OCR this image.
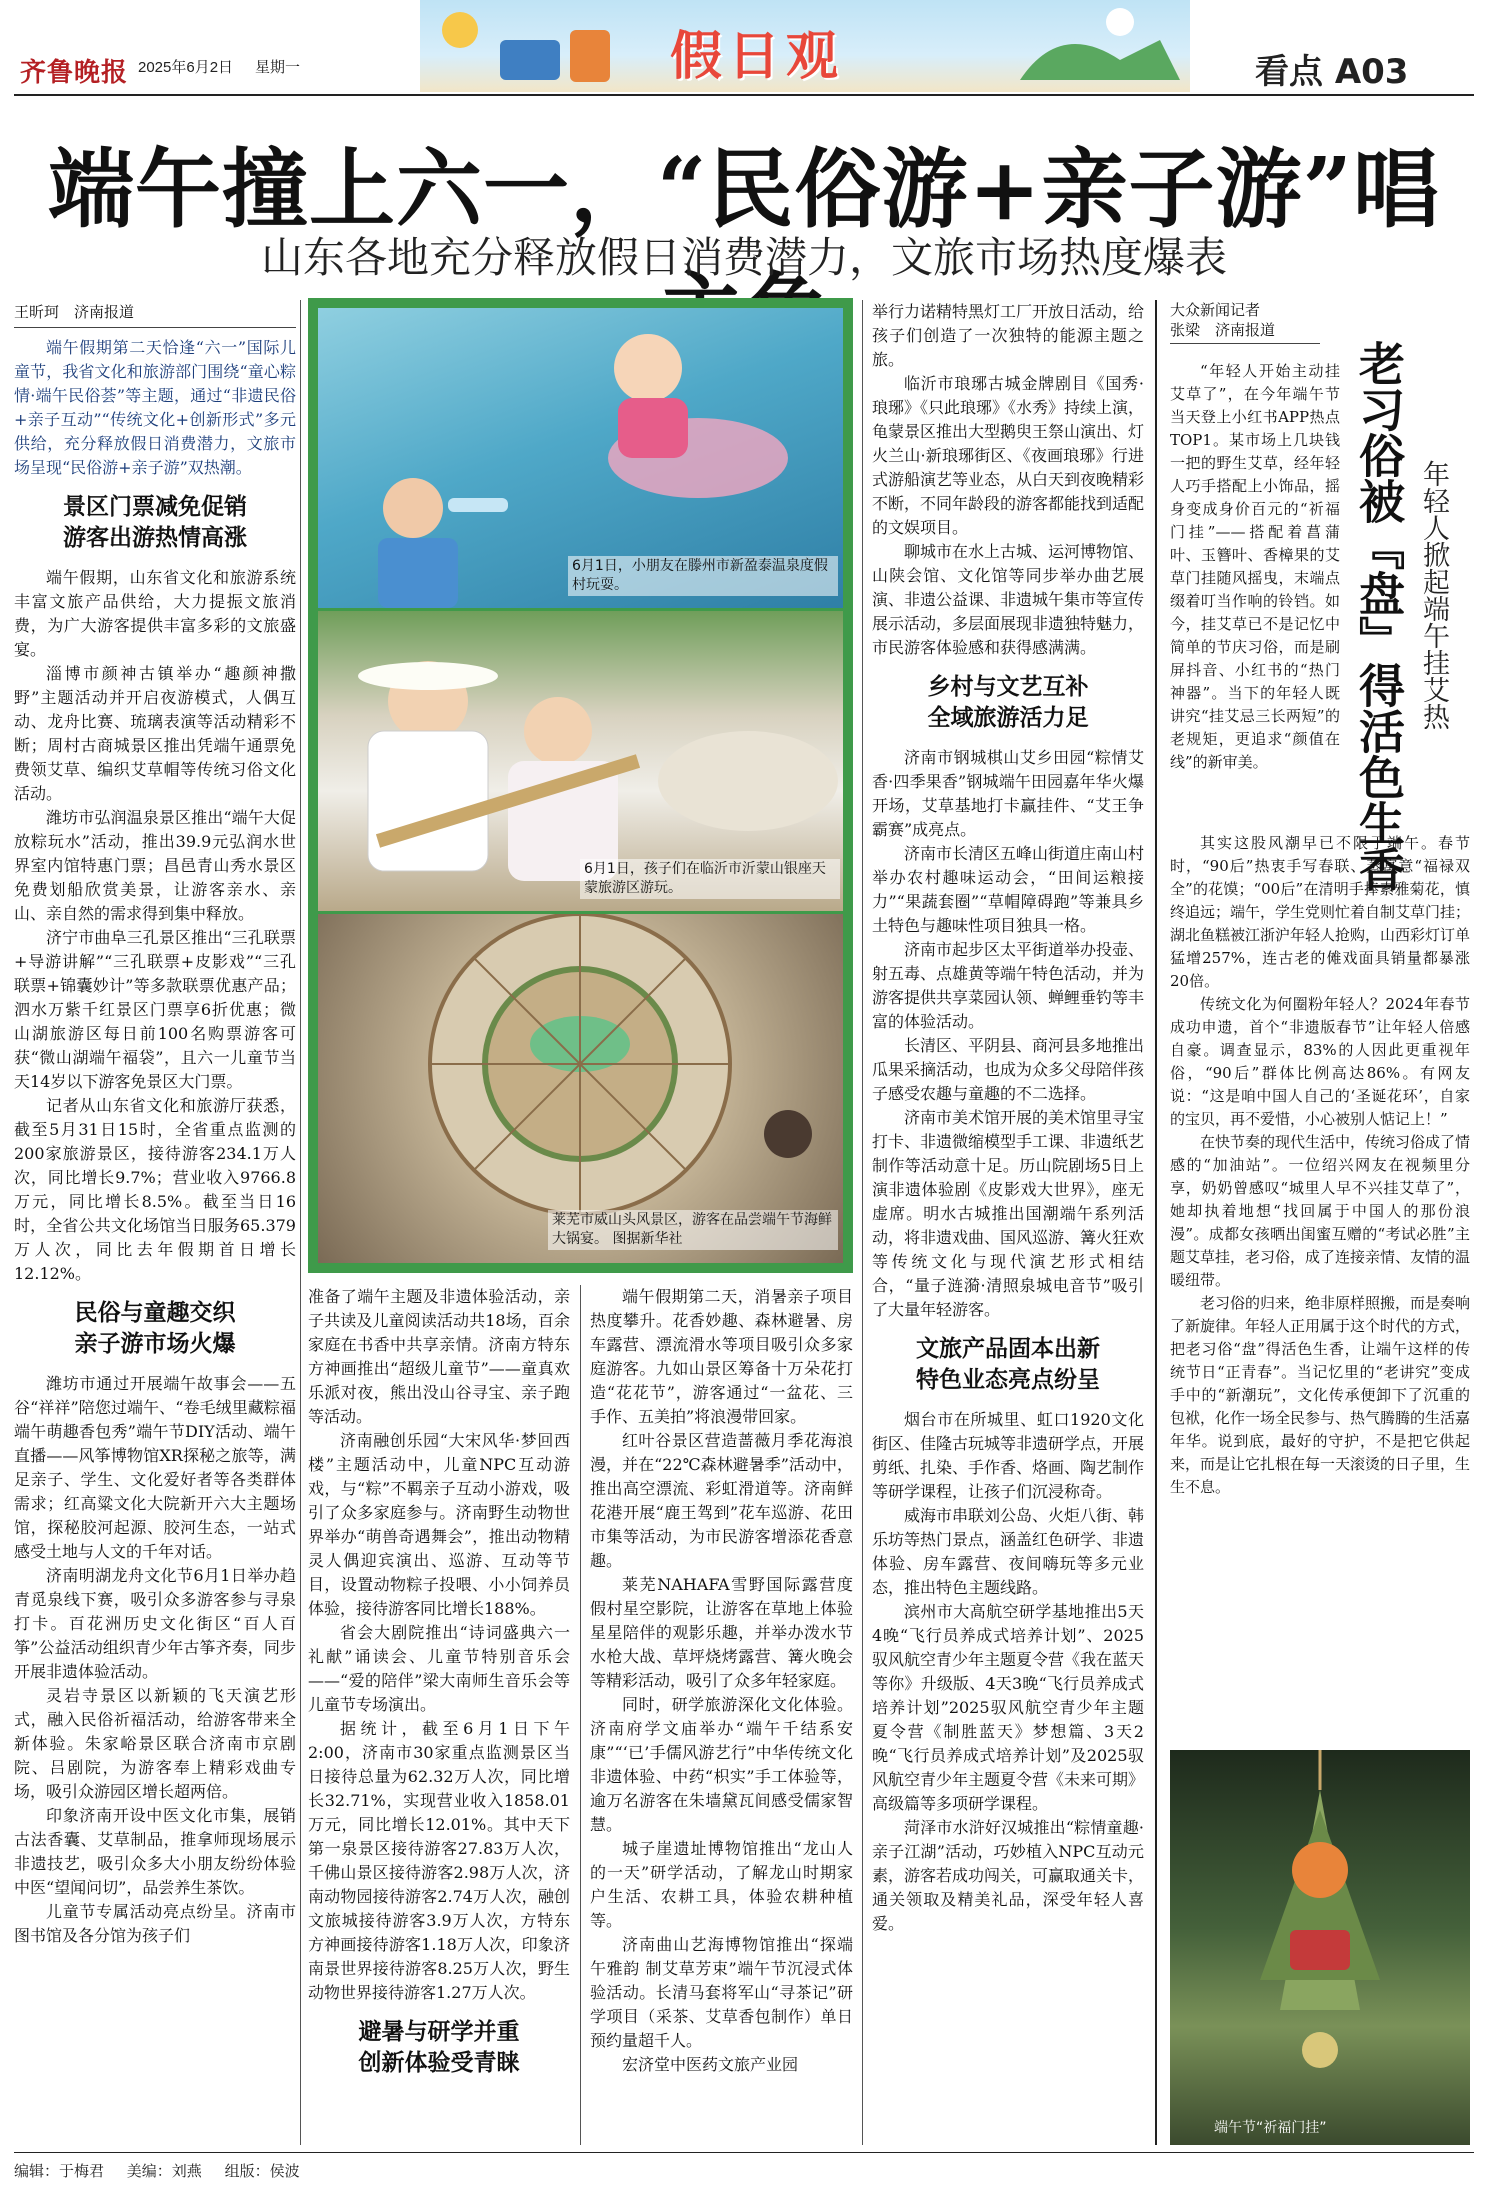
齐鲁晚报 2025年6月2日 星期一	假日观	看点 A03
端午撞上六一，“民俗游+亲子游”唱
山东各地充分释放假日消费潜力，文旅市场热度爆表
王昕珂　济南报道

端午假期第二天恰逢“六一”国际儿童节，我省文化和旅游部门围绕“童心粽情·端午民俗荟”等主题，通过“非遗民俗+亲子互动”“传统文化+创新形式”多元供给，充分释放假日消费潜力，文旅市场呈现“民俗游+亲子游”双热潮。

景区门票减免促销
游客出游热情高涨

端午假期，山东省文化和旅游系统丰富文旅产品供给，大力提振文旅消费，为广大游客提供丰富多彩的文旅盛宴。

淄博市颜神古镇举办“趣颜神撒野”主题活动并开启夜游模式，人偶互动、龙舟比赛、琉璃表演等活动精彩不断；周村古商城景区推出凭端午通票免费领艾草、编织艾草帽等传统习俗文化活动。

潍坊市弘润温泉景区推出“端午大促放粽玩水”活动，推出39.9元弘润水世界室内馆特惠门票；昌邑青山秀水景区免费划船欣赏美景，让游客亲水、亲山、亲自然的需求得到集中释放。

济宁市曲阜三孔景区推出“三孔联票+导游讲解”“三孔联票+皮影戏”“三孔联票+锦囊妙计”等多款联票优惠产品；泗水万紫千红景区门票享6折优惠；微山湖旅游区每日前100名购票游客可获“微山湖端午福袋”，且六一儿童节当天14岁以下游客免景区大门票。

记者从山东省文化和旅游厅获悉，截至5月31日15时，全省重点监测的200家旅游景区，接待游客234.1万人次，同比增长9.7%；营业收入9766.8万元，同比增长8.5%。截至当日16时，全省公共文化场馆当日服务65.379万人次，同比去年假期首日增长12.12%。

民俗与童趣交织
亲子游市场火爆

潍坊市通过开展端午故事会——五谷“祥祥”陪您过端午、“卷毛绒里藏粽福 端午萌趣香包秀”端午节DIY活动、端午直播——风筝博物馆XR探秘之旅等，满足亲子、学生、文化爱好者等各类群体需求；红高粱文化大院新开六大主题场馆，探秘胶河起源、胶河生态，一站式感受土地与人文的千年对话。

济南明湖龙舟文化节6月1日举办趋青觅泉线下赛，吸引众多游客参与寻泉打卡。百花洲历史文化街区“百人百筝”公益活动组织青少年古筝齐奏，同步开展非遗体验活动。

灵岩寺景区以新颖的飞天演艺形式，融入民俗祈福活动，给游客带来全新体验。朱家峪景区联合济南市京剧院、吕剧院，为游客奉上精彩戏曲专场，吸引众游园区增长超两倍。

印象济南开设中医文化市集，展销古法香囊、艾草制品，推拿师现场展示非遗技艺，吸引众多大小朋友纷纷体验中医“望闻问切”，品尝养生茶饮。

儿童节专属活动亮点纷呈。济南市图书馆及各分馆为孩子们

6月1日，小朋友在滕州市新盈泰温泉度假村玩耍。
6月1日，孩子们在临沂市沂蒙山银座天蒙旅游区游玩。
莱芜市威山头风景区，游客在品尝端午节海鲜大锅宴。 图据新华社

准备了端午主题及非遗体验活动，亲子共读及儿童阅读活动共18场，百余家庭在书香中共享亲情。济南方特东方神画推出“超级儿童节”——童真欢乐派对夜，熊出没山谷寻宝、亲子跑等活动。

济南融创乐园“大宋风华·梦回西楼”主题活动中，儿童NPC互动游戏，与“粽”不羁亲子互动小游戏，吸引了众多家庭参与。济南野生动物世界举办“萌兽奇遇舞会”，推出动物精灵人偶迎宾演出、巡游、互动等节目，设置动物粽子投喂、小小饲养员体验，接待游客同比增长188%。

省会大剧院推出“诗词盛典六一礼献”诵读会、儿童节特别音乐会——“爱的陪伴”梁大南师生音乐会等儿童节专场演出。

据统计，截至6月1日下午2:00，济南市30家重点监测景区当日接待总量为62.32万人次，同比增长32.71%，实现营业收入1858.01万元，同比增长12.01%。其中天下第一泉景区接待游客27.83万人次，千佛山景区接待游客2.98万人次，济南动物园接待游客2.74万人次，融创文旅城接待游客3.9万人次，方特东方神画接待游客1.18万人次，印象济南景世界接待游客8.25万人次，野生动物世界接待游客1.27万人次。

避暑与研学并重
创新体验受青睐

端午假期第二天，消暑亲子项目热度攀升。花香妙趣、森林避暑、房车露营、漂流滑水等项目吸引众多家庭游客。九如山景区筹备十万朵花打造“花花节”，游客通过“一盆花、三手作、五美拍”将浪漫带回家。

红叶谷景区营造蔷薇月季花海浪漫，并在“22℃森林避暑季”活动中，推出高空漂流、彩虹滑道等。济南鲜花港开展“鹿王驾到”花车巡游、花田市集等活动，为市民游客增添花香意趣。

莱芜NAHAFA雪野国际露营度假村星空影院，让游客在草地上体验星星陪伴的观影乐趣，并举办泼水节水枪大战、草坪烧烤露营、篝火晚会等精彩活动，吸引了众多年轻家庭。

同时，研学旅游深化文化体验。济南府学文庙举办“端午千结系安康”“‘已’手儒风游艺行”中华传统文化非遗体验、中药“枳实”手工体验等，逾万名游客在朱墙黛瓦间感受儒家智慧。

城子崖遗址博物馆推出“龙山人的一天”研学活动，了解龙山时期家户生活、农耕工具，体验农耕种植等。

济南曲山艺海博物馆推出“探端午雅韵 制艾草芳束”端午节沉浸式体验活动。长清马套将军山“寻茶记”研学项目（采茶、艾草香包制作）单日预约量超千人。

宏济堂中医药文旅产业园

举行力诺精特黑灯工厂开放日活动，给孩子们创造了一次独特的能源主题之旅。

临沂市琅琊古城金牌剧目《国秀·琅琊》《只此琅琊》《水秀》持续上演，龟蒙景区推出大型鹅臾王祭山演出、灯火兰山·新琅琊街区、《夜画琅琊》行进式游船演艺等业态，从白天到夜晚精彩不断，不同年龄段的游客都能找到适配的文娱项目。

聊城市在水上古城、运河博物馆、山陕会馆、文化馆等同步举办曲艺展演、非遗公益课、非遗城午集市等宣传展示活动，多层面展现非遗独特魅力，市民游客体验感和获得感满满。

乡村与文艺互补
全域旅游活力足

济南市钢城棋山艾乡田园“粽情艾香·四季果香”钢城端午田园嘉年华火爆开场，艾草基地打卡赢挂件、“艾王争霸赛”成亮点。

济南市长清区五峰山街道庄南山村举办农村趣味运动会，“田间运粮接力”“果蔬套圈”“草帽障碍跑”等兼具乡土特色与趣味性项目独具一格。

济南市起步区太平街道举办投壶、射五毒、点雄黄等端午特色活动，并为游客提供共享菜园认领、蝉鲤垂钓等丰富的体验活动。

长清区、平阴县、商河县多地推出瓜果采摘活动，也成为众多父母陪伴孩子感受农趣与童趣的不二选择。

济南市美术馆开展的美术馆里寻宝打卡、非遗微缩模型手工课、非遗纸艺制作等活动意十足。历山院剧场5日上演非遗体验剧《皮影戏大世界》，座无虚席。明水古城推出国潮端午系列活动，将非遗戏曲、国风巡游、篝火狂欢等传统文化与现代演艺形式相结合，“量子涟漪·清照泉城电音节”吸引了大量年轻游客。

文旅产品固本出新
特色业态亮点纷呈

烟台市在所城里、虹口1920文化街区、佳隆古玩城等非遗研学点，开展剪纸、扎染、手作香、烙画、陶艺制作等研学课程，让孩子们沉浸称奇。

威海市串联刘公岛、火炬八街、韩乐坊等热门景点，涵盖红色研学、非遗体验、房车露营、夜间嗨玩等多元业态，推出特色主题线路。

滨州市大高航空研学基地推出5天4晚“飞行员养成式培养计划”、2025驭风航空青少年主题夏令营《我在蓝天等你》升级版、4天3晚“飞行员养成式培养计划”2025驭风航空青少年主题夏令营《制胜蓝天》梦想篇、3天2晚“飞行员养成式培养计划”及2025驭风航空青少年主题夏令营《未来可期》高级篇等多项研学课程。

菏泽市水浒好汉城推出“粽情童趣·亲子江湖”活动，巧妙植入NPC互动元素，游客若成功闯关，可赢取通关卡，通关领取及精美礼品，深受年轻人喜爱。

大众新闻记者
张梁　济南报道
老习俗被『盘』得活色生香 年轻人掀起端午挂艾热

“年轻人开始主动挂艾草了”，在今年端午节当天登上小红书APP热点TOP1。某市场上几块钱一把的野生艾草，经年轻人巧手搭配上小饰品，摇身变成身价百元的“祈福门挂”——搭配着菖蒲叶、玉簪叶、香樟果的艾草门挂随风摇曳，末端点缀着叮当作响的铃铛。如今，挂艾草已不是记忆中简单的节庆习俗，而是刷屏抖音、小红书的“热门神器”。当下的年轻人既讲究“挂艾忌三长两短”的老规矩，更追求“颜值在线”的新审美。

其实这股风潮早已不限于端午。春节时，“90后”热衷手写春联、蒸寓意“福禄双全”的花馍；“00后”在清明手捧素雅菊花，慎终追远；端午，学生党则忙着自制艾草门挂；湖北鱼糕被江浙沪年轻人抢购，山西彩灯订单猛增257%，连古老的傩戏面具销量都暴涨20倍。

传统文化为何圈粉年轻人？2024年春节成功申遗，首个“非遗版春节”让年轻人倍感自豪。调查显示，83%的人因此更重视年俗，“90后”群体比例高达86%。有网友说：“这是咱中国人自己的‘圣诞花环’，自家的宝贝，再不爱惜，小心被别人惦记上！”

在快节奏的现代生活中，传统习俗成了情感的“加油站”。一位绍兴网友在视频里分享，奶奶曾感叹“城里人早不兴挂艾草了”，她却执着地想“找回属于中国人的那份浪漫”。成都女孩晒出闺蜜互赠的“考试必胜”主题艾草挂，老习俗，成了连接亲情、友情的温暖纽带。

老习俗的归来，绝非原样照搬，而是奏响了新旋律。年轻人正用属于这个时代的方式，把老习俗“盘”得活色生香，让端午这样的传统节日“正青春”。当记忆里的“老讲究”变成手中的“新潮玩”，文化传承便卸下了沉重的包袱，化作一场全民参与、热气腾腾的生活嘉年华。说到底，最好的守护，不是把它供起来，而是让它扎根在每一天滚烫的日子里，生生不息。

端午节“祈福门挂”
编辑：于梅君 美编：刘燕 组版：侯波
